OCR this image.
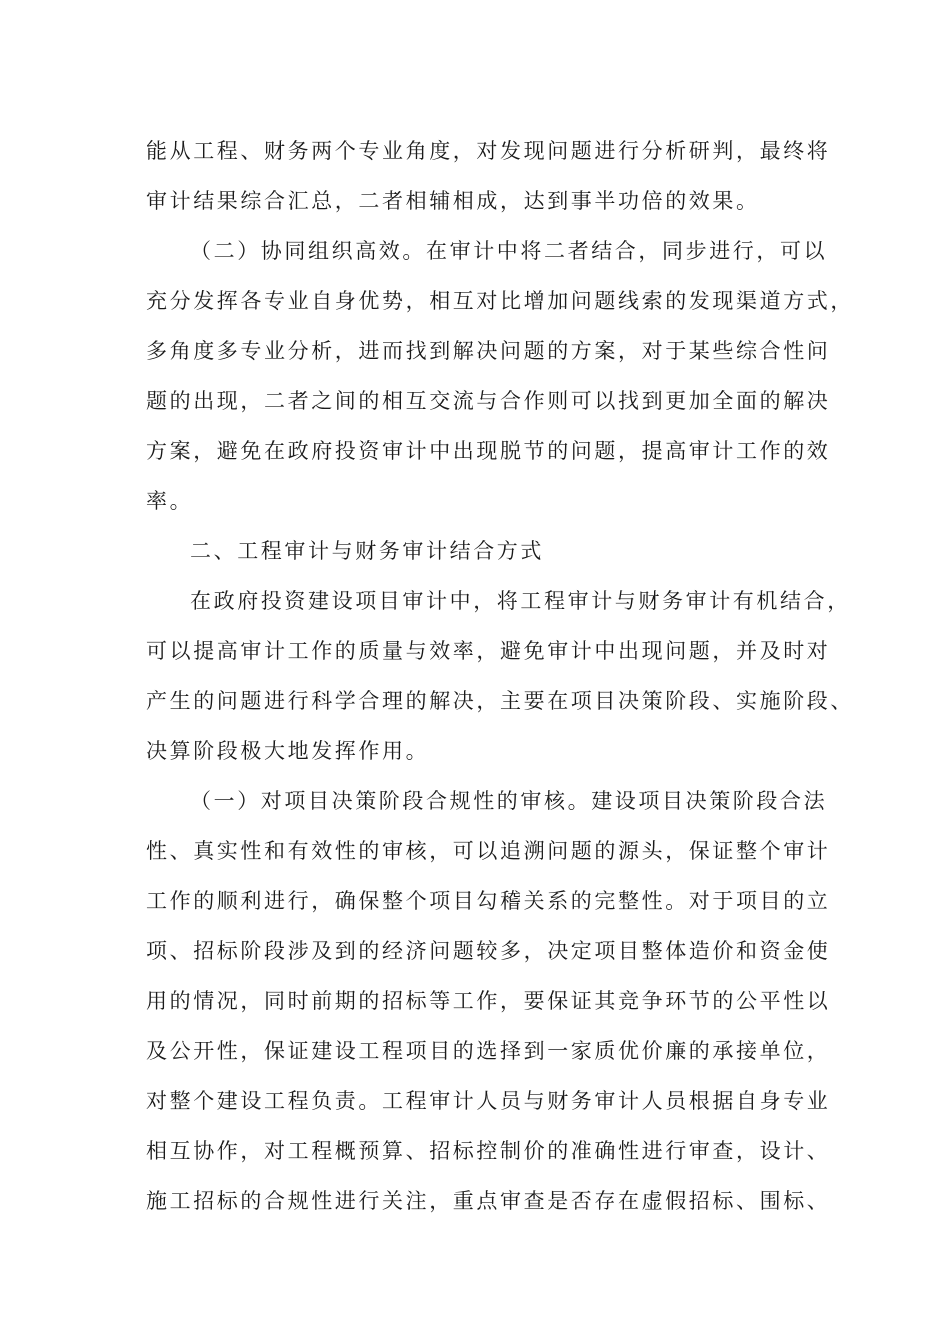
能从工程、财务两个专业角度，对发现问题进行分析研判，最终将
审计结果综合汇总，二者相辅相成，达到事半功倍的效果。
（二）协同组织高效。在审计中将二者结合，同步进行，可以
充分发挥各专业自身优势，相互对比增加问题线索的发现渠道方式，
多角度多专业分析，进而找到解决问题的方案，对于某些综合性问
题的出现，二者之间的相互交流与合作则可以找到更加全面的解决
方案，避免在政府投资审计中出现脱节的问题，提高审计工作的效
率。
二、工程审计与财务审计结合方式
在政府投资建设项目审计中，将工程审计与财务审计有机结合，
可以提高审计工作的质量与效率，避免审计中出现问题，并及时对
产生的问题进行科学合理的解决，主要在项目决策阶段、实施阶段、
决算阶段极大地发挥作用。
（一）对项目决策阶段合规性的审核。建设项目决策阶段合法
性、真实性和有效性的审核，可以追溯问题的源头，保证整个审计
工作的顺利进行，确保整个项目勾稽关系的完整性。对于项目的立
项、招标阶段涉及到的经济问题较多，决定项目整体造价和资金使
用的情况，同时前期的招标等工作，要保证其竞争环节的公平性以
及公开性，保证建设工程项目的选择到一家质优价廉的承接单位，
对整个建设工程负责。工程审计人员与财务审计人员根据自身专业
相互协作，对工程概预算、招标控制价的准确性进行审查，设计、
施工招标的合规性进行关注，重点审查是否存在虚假招标、围标、
